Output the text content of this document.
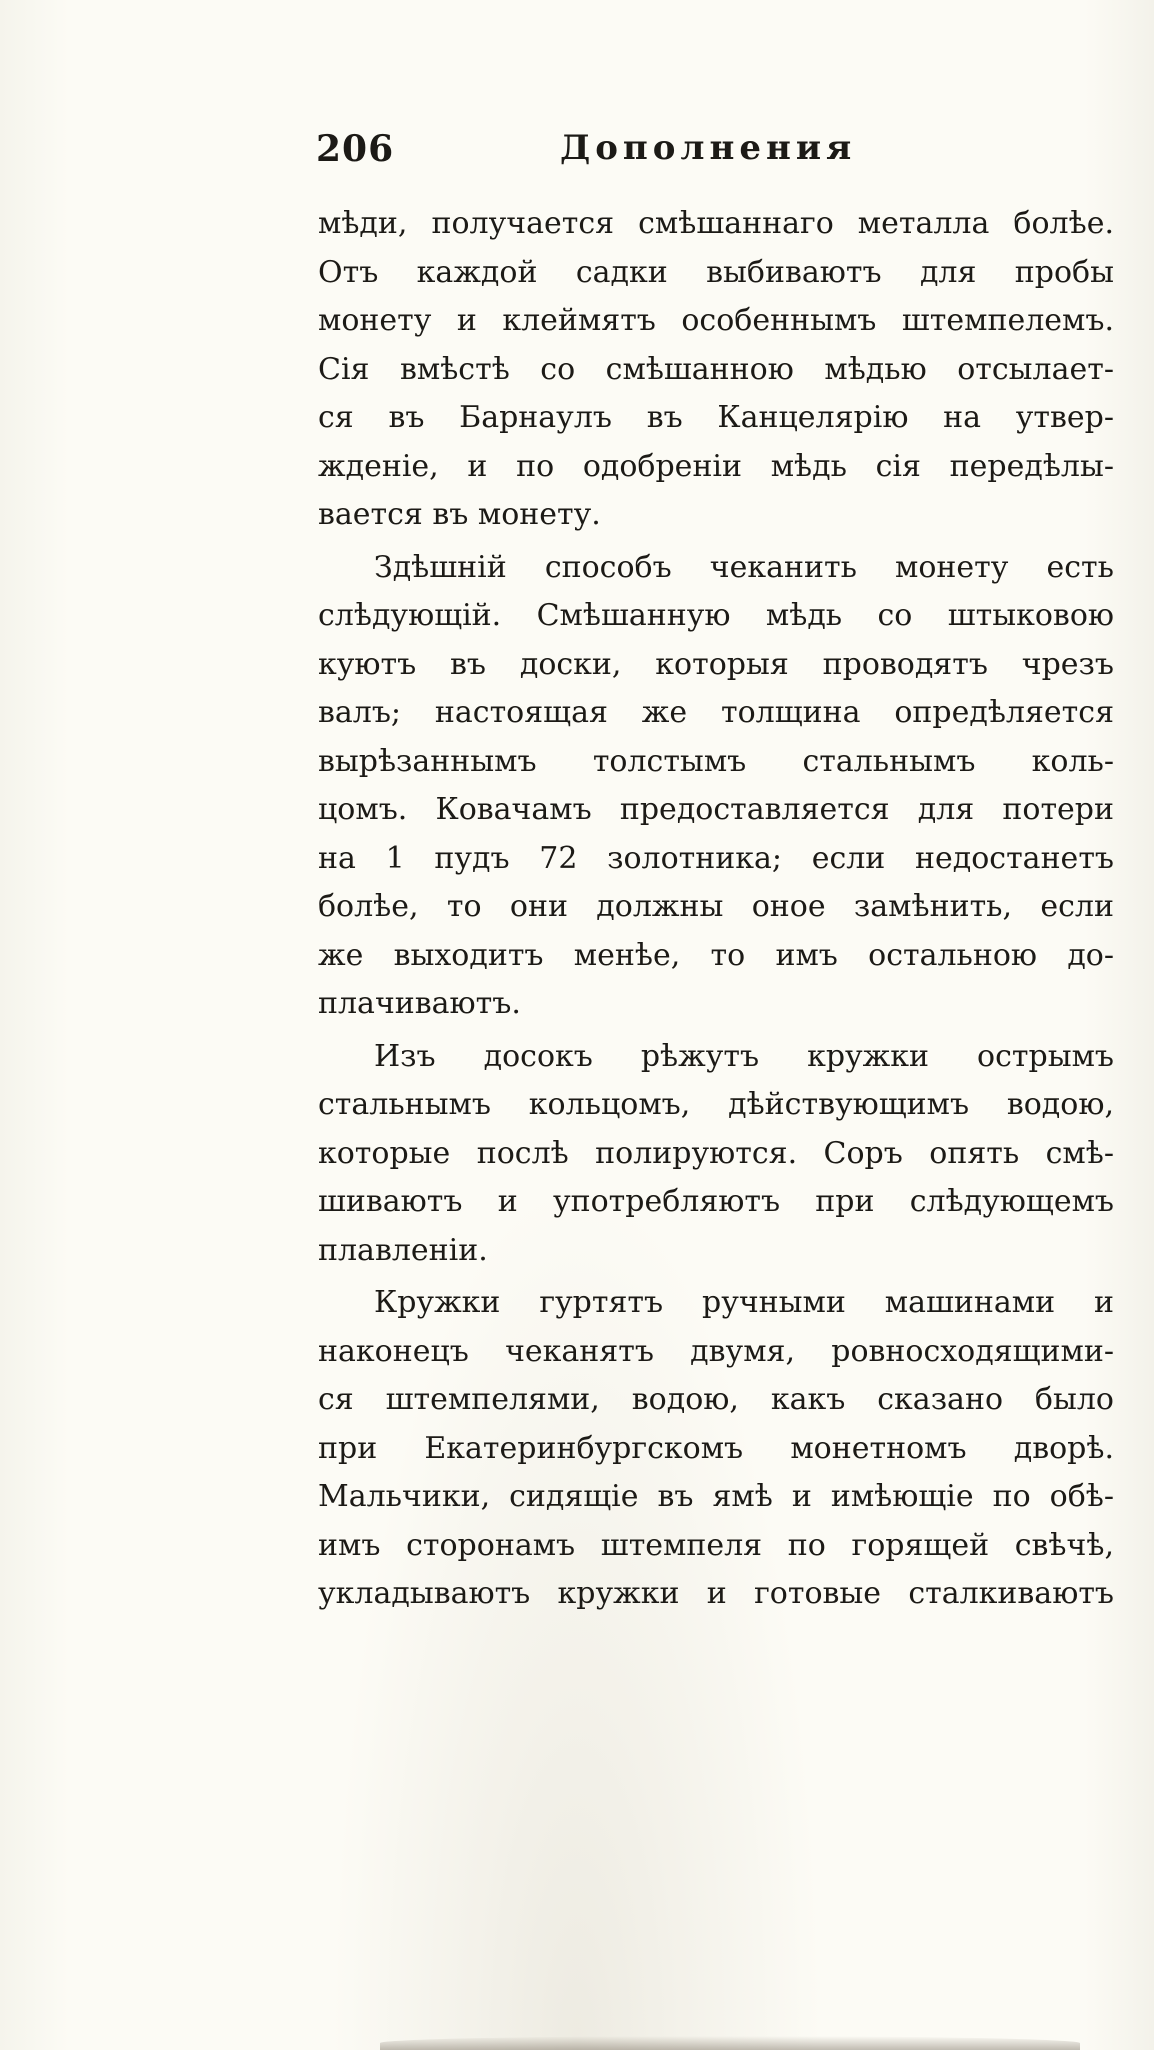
206	Дополнения
мѣди, получается смѣшаннаго металла болѣе.
Отъ каждой садки выбиваютъ для пробы
монету и клеймятъ особеннымъ штемпелемъ.
Сія вмѣстѣ со смѣшанною мѣдью отсылает-
ся въ Барнаулъ въ Канцелярію на утвер-
жденіе, и по одобреніи мѣдь сія передѣлы-
вается въ монету.
Здѣшній способъ чеканить монету есть
слѣдующій. Смѣшанную мѣдь со штыковою
куютъ въ доски, которыя проводятъ чрезъ
валъ; настоящая же толщина опредѣляется
вырѣзаннымъ толстымъ стальнымъ коль-
цомъ. Ковачамъ предоставляется для потери
на 1 пудъ 72 золотника; если недостанетъ
болѣе, то они должны оное замѣнить, если
же выходитъ менѣе, то имъ остальною до-
плачиваютъ.
Изъ досокъ рѣжутъ кружки острымъ
стальнымъ кольцомъ, дѣйствующимъ водою,
которые послѣ полируются. Соръ опять смѣ-
шиваютъ и употребляютъ при слѣдующемъ
плавленіи.
Кружки гуртятъ ручными машинами и
наконецъ чеканятъ двумя, ровносходящими-
ся штемпелями, водою, какъ сказано было
при Екатеринбургскомъ монетномъ дворѣ.
Мальчики, сидящіе въ ямѣ и имѣющіе по обѣ-
имъ сторонамъ штемпеля по горящей свѣчѣ,
укладываютъ кружки и готовые сталкиваютъ
